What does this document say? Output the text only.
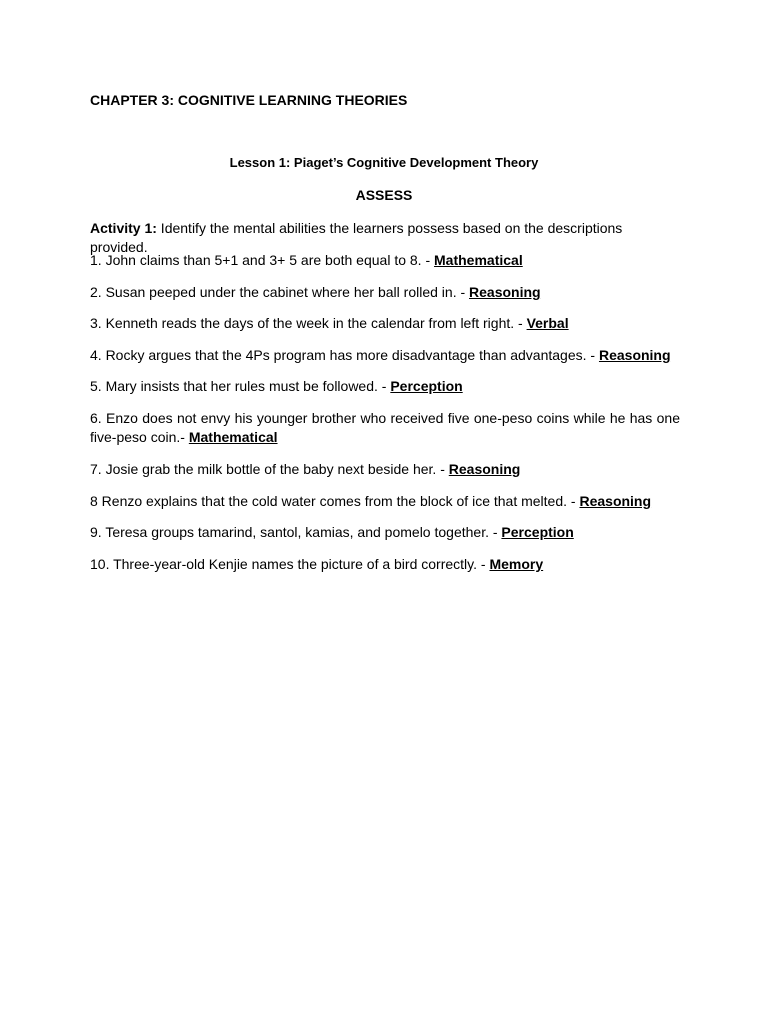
CHAPTER 3: COGNITIVE LEARNING THEORIES

Lesson 1: Piaget’s Cognitive Development Theory

ASSESS

Activity 1: Identify the mental abilities the learners possess based on the descriptions provided.

1. John claims than 5+1 and 3+ 5 are both equal to 8. - Mathematical

2. Susan peeped under the cabinet where her ball rolled in. - Reasoning

3. Kenneth reads the days of the week in the calendar from left right. - Verbal

4. Rocky argues that the 4Ps program has more disadvantage than advantages. - Reasoning

5. Mary insists that her rules must be followed. - Perception

6. Enzo does not envy his younger brother who received five one-peso coins while he has one five-peso coin.- Mathematical

7. Josie grab the milk bottle of the baby next beside her. - Reasoning

8 Renzo explains that the cold water comes from the block of ice that melted. - Reasoning

9. Teresa groups tamarind, santol, kamias, and pomelo together. - Perception

10. Three-year-old Kenjie names the picture of a bird correctly. - Memory
